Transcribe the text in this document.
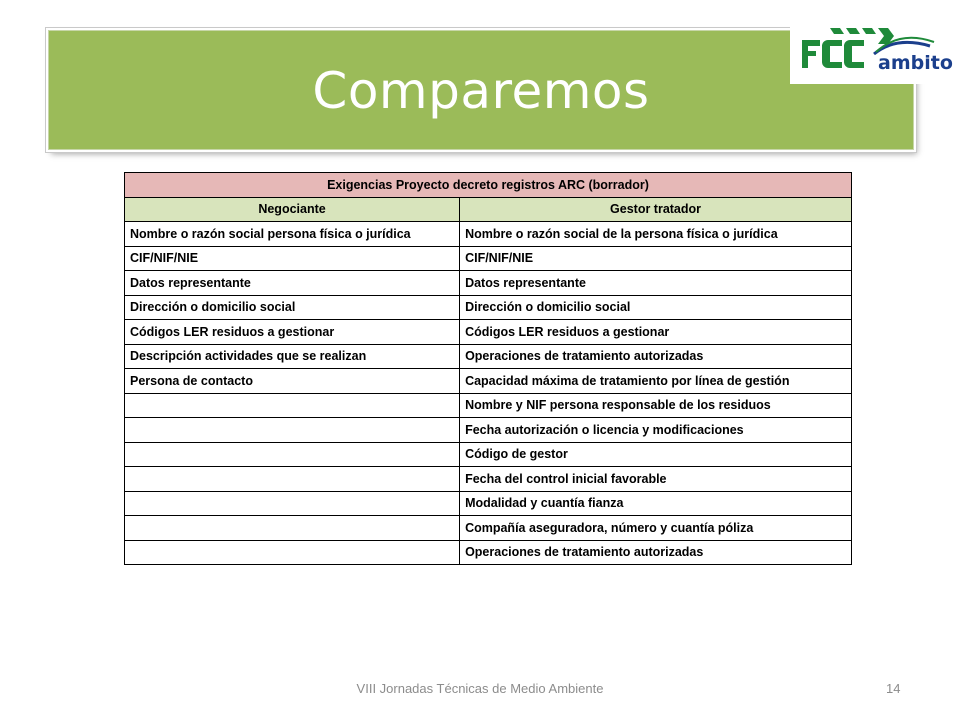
Comparemos	ambito
Exigencias Proyecto decreto registros ARC (borrador)	
Negociante	Gestor tratador
Nombre o razón social persona física o jurídica	Nombre o razón social de la persona física o jurídica
CIF/NIF/NIE	CIF/NIF/NIE
Datos representante	Datos representante
Dirección o domicilio social	Dirección o domicilio social
Códigos LER residuos a gestionar	Códigos LER residuos a gestionar
Descripción actividades que se realizan	Operaciones de tratamiento autorizadas
Persona de contacto	Capacidad máxima de tratamiento por línea de gestión
	Nombre y NIF persona responsable de los residuos
	Fecha autorización o licencia y modificaciones
	Código de gestor
	Fecha del control inicial favorable
	Modalidad y cuantía fianza
	Compañía aseguradora, número y cuantía póliza
	Operaciones de tratamiento autorizadas
VIII Jornadas Técnicas de Medio Ambiente	14
